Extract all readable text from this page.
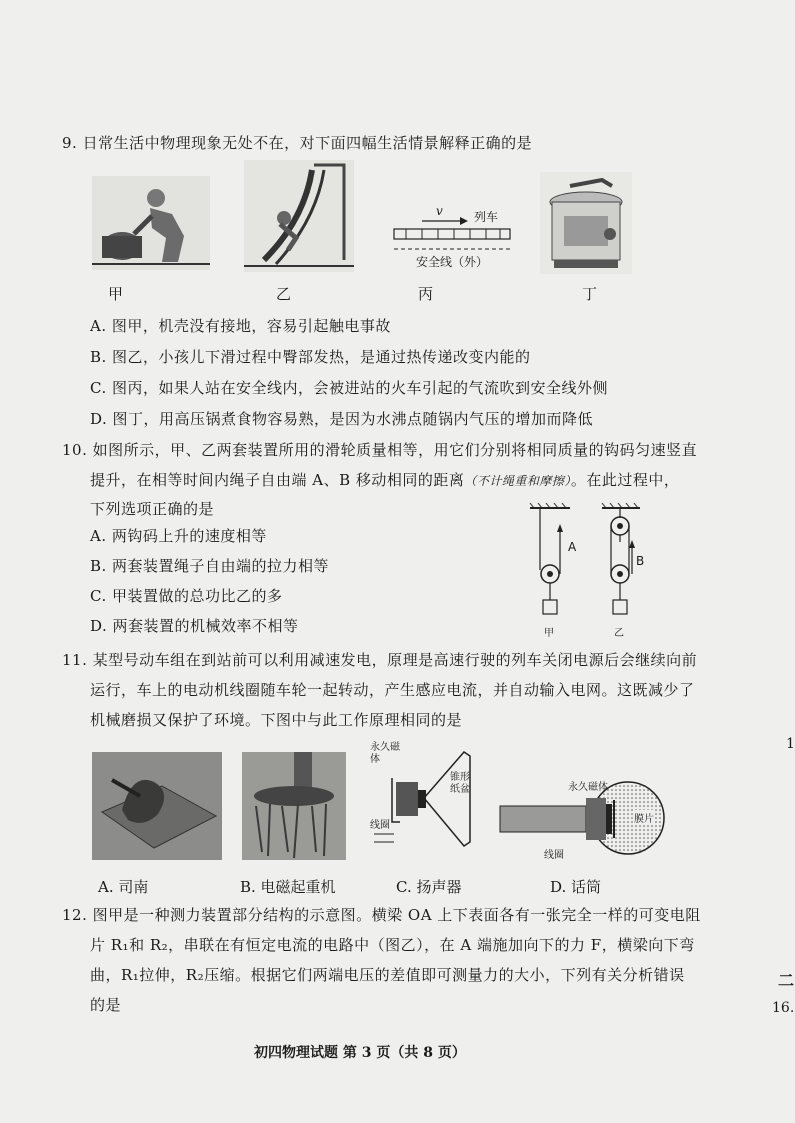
9. 日常生活中物理现象无处不在，对下面四幅生活情景解释正确的是
v	列车
安全线（外）
甲	乙	丙	丁
A. 图甲，机壳没有接地，容易引起触电事故
B. 图乙，小孩儿下滑过程中臀部发热，是通过热传递改变内能的
C. 图丙，如果人站在安全线内，会被进站的火车引起的气流吹到安全线外侧
D. 图丁，用高压锅煮食物容易熟，是因为水沸点随锅内气压的增加而降低
10. 如图所示，甲、乙两套装置所用的滑轮质量相等，用它们分别将相同质量的钩码匀速竖直
提升，在相等时间内绳子自由端 A、B 移动相同的距离（不计绳重和摩擦）。在此过程中，
下列选项正确的是
A. 两钩码上升的速度相等
B. 两套装置绳子自由端的拉力相等
C. 甲装置做的总功比乙的多
D. 两套装置的机械效率不相等
A
B
甲	乙
11. 某型号动车组在到站前可以利用减速发电，原理是高速行驶的列车关闭电源后会继续向前
运行，车上的电动机线圈随车轮一起转动，产生感应电流，并自动输入电网。这既减少了
机械磨损又保护了环境。下图中与此工作原理相同的是
永久磁体
锥形纸盆
线圈
永久磁体
膜片
线圈
A. 司南	B. 电磁起重机	C. 扬声器	D. 话筒
12. 图甲是一种测力装置部分结构的示意图。横梁 OA 上下表面各有一张完全一样的可变电阻
片 R₁和 R₂，串联在有恒定电流的电路中（图乙），在 A 端施加向下的力 F，横梁向下弯
曲，R₁拉伸，R₂压缩。根据它们两端电压的差值即可测量力的大小，下列有关分析错误
的是
初四物理试题 第 3 页（共 8 页）
1
二
16.
